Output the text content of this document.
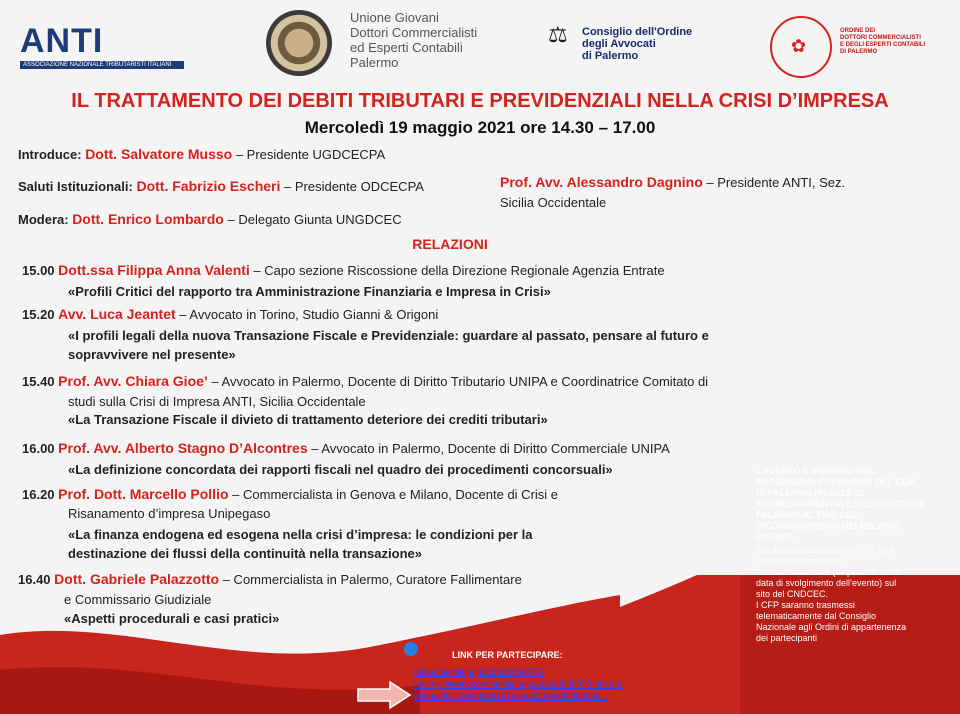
ANTI
ASSOCIAZIONE NAZIONALE TRIBUTARISTI ITALIANI
Unione Giovani
Dottori Commercialisti
ed Esperti Contabili
Palermo
⚖ Consiglio dell'Ordine
degli Avvocati
di Palermo	✿
ORDINE DEI
DOTTORI COMMERCIALISTI
E DEGLI ESPERTI CONTABILI
DI PALERMO
IL TRATTAMENTO DEI DEBITI TRIBUTARI E PREVIDENZIALI NELLA CRISI D’IMPRESA
Mercoledì 19 maggio 2021 ore 14.30 – 17.00
Introduce: Dott. Salvatore Musso – Presidente UGDCECPA
Saluti Istituzionali: Dott. Fabrizio Escheri – Presidente ODCECPA	Prof. Avv. Alessandro Dagnino – Presidente ANTI, Sez.
Sicilia Occidentale
Modera: Dott. Enrico Lombardo – Delegato Giunta UNGDCEC
RELAZIONI
15.00 Dott.ssa Filippa Anna Valenti – Capo sezione Riscossione della Direzione Regionale Agenzia Entrate
«Profili Critici del rapporto tra Amministrazione Finanziaria e Impresa in Crisi»
15.20 Avv. Luca Jeantet – Avvocato in Torino, Studio Gianni & Origoni
«I profili legali della nuova Transazione Fiscale e Previdenziale: guardare al passato, pensare al futuro e
sopravvivere nel presente»
15.40 Prof. Avv. Chiara Gioe’ – Avvocato in Palermo, Docente di Diritto Tributario UNIPA e Coordinatrice Comitato di
studi sulla Crisi di Impresa ANTI, Sicilia Occidentale
«La Transazione Fiscale il divieto di trattamento deteriore dei crediti tributari»
16.00 Prof. Avv. Alberto Stagno D’Alcontres – Avvocato in Palermo, Docente di Diritto Commerciale UNIPA
«La definizione concordata dei rapporti fiscali nel quadro dei procedimenti concorsuali»
16.20 Prof. Dott. Marcello Pollio – Commercialista in Genova e Milano, Docente di Crisi e
Risanamento d’impresa Unipegaso
«La finanza endogena ed esogena nella crisi d’impresa: le condizioni per la
destinazione dei flussi della continuità nella transazione»
16.40 Dott. Gabriele Palazzotto – Commercialista in Palermo, Curatore Fallimentare
e Commissario Giudiziale
«Aspetti procedurali e casi pratici»
L’EVENTO È INSERITO NEL
PROGRAMMA FORMATIVO DEL COA
DI PALERMO (IN FASE DI
ACCREDITAMENTO) E DELL’ODCEC DI
PALERMO AL FINE DEL
RICONOSCIMENTO DEI RELATIVI
CREDITI.
Per il riconoscimento dei CFP sarà
necessario compilare
l’autocertificazione (disponibile dalla
data di svolgimento dell’evento) sul
sito del CNDCEC.
I CFP saranno trasmessi
telematicamente dal Consiglio
Nazionale agli Ordini di appartenenza
dei partecipanti
LINK PER PARTECIPARE:
https://selfsignup202010050570-
ntn.my.webex.com/selfsignup202010050570-ntn.my.
in/php?MTI0em0cb81479cb6d50f96d8f5b0c96...
